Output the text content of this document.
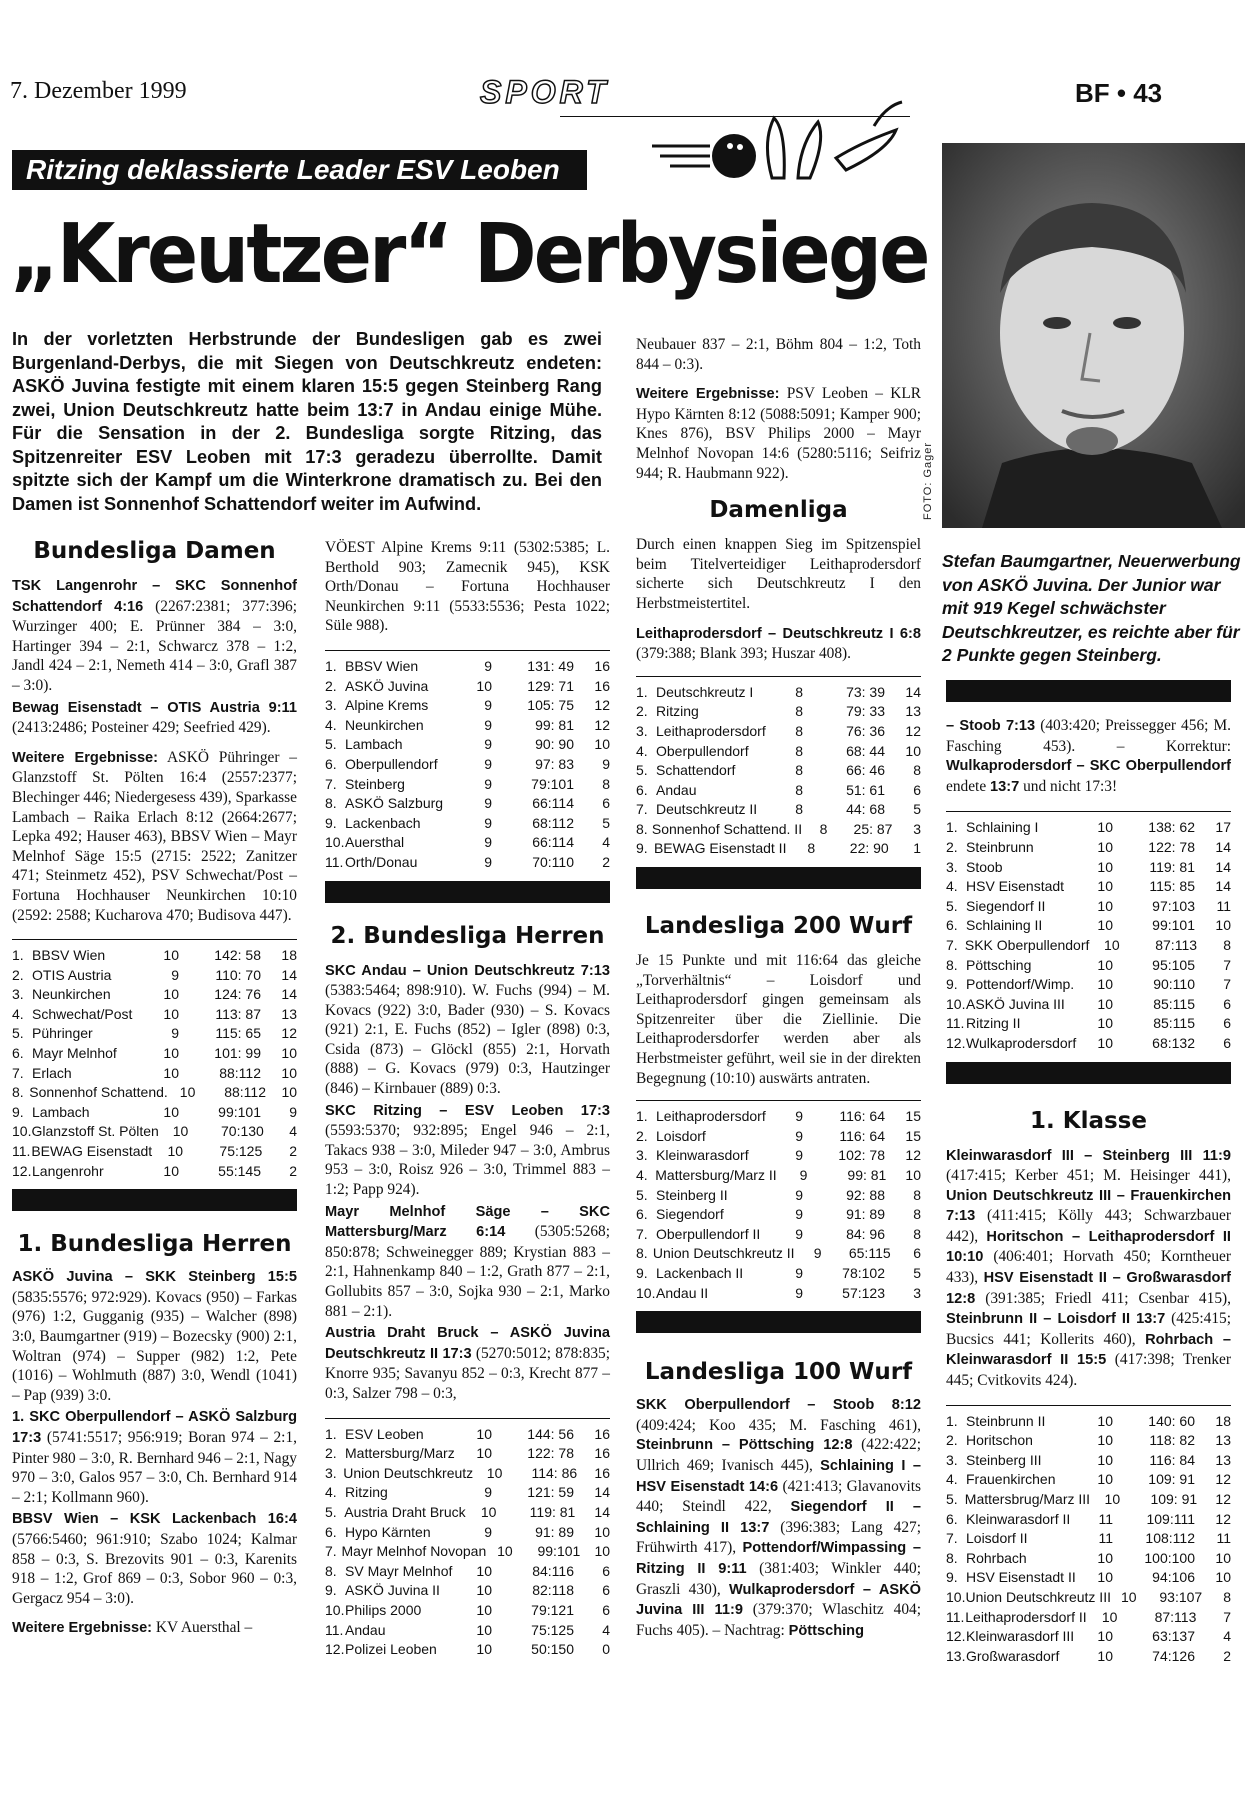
7. Dezember 1999	SPORT	BF • 43
Ritzing deklassierte Leader ESV Leoben
„Kreutzer“ Derbysiege
In der vorletzten Herbstrunde der Bundesligen gab es zwei Burgenland-Derbys, die mit Siegen von Deutschkreutz endeten: ASKÖ Juvina festigte mit einem klaren 15:5 gegen Steinberg Rang zwei, Union Deutschkreutz hatte beim 13:7 in Andau einige Mühe. Für die Sensation in der 2. Bundesliga sorgte Ritzing, das Spitzenreiter ESV Leoben mit 17:3 geradezu überrollte. Damit spitzte sich der Kampf um die Winterkrone dramatisch zu. Bei den Damen ist Sonnenhof Schattendorf weiter im Aufwind.	FOTO: Gager
Stefan Baumgartner, Neuerwerbung von ASKÖ Juvina. Der Junior war mit 919 Kegel schwächster Deutschkreutzer, es reichte aber für 2 Punkte gegen Steinberg.
Bundesliga Damen

TSK Langenrohr – SKC Sonnenhof Schattendorf 4:16 (2267:2381; 377:396; Wurzinger 400; E. Prünner 384 – 3:0, Hartinger 394 – 2:1, Schwarcz 378 – 1:2, Jandl 424 – 2:1, Nemeth 414 – 3:0, Grafl 387 – 3:0).

Bewag Eisenstadt – OTIS Austria 9:11 (2413:2486; Posteiner 429; Seefried 429).

Weitere Ergebnisse: ASKÖ Pühringer – Glanzstoff St. Pölten 16:4 (2557:2377; Blechinger 446; Niedergesess 439), Sparkasse Lambach – Raika Erlach 8:12 (2664:2677; Lepka 492; Hauser 463), BBSV Wien – Mayr Melnhof Säge 15:5 (2715: 2522; Zanitzer 471; Steinmetz 452), PSV Schwechat/Post – Fortuna Hochhauser Neunkirchen 10:10 (2592: 2588; Kucharova 470; Budisova 447).

1. BBSV Wien	10	142: 58	18
2. OTIS Austria	9	110: 70	14
3. Neunkirchen	10	124: 76	14
4. Schwechat/Post	10	113: 87	13
5. Pühringer	9	115: 65	12
6. Mayr Melnhof	10	101: 99	10
7. Erlach	10	88:112	10
8. Sonnenhof Schattend. 10	88:112	10
9. Lambach	10	99:101	9
10. Glanzstoff St. Pölten 10	70:130	4
11. BEWAG Eisenstadt	10	75:125	2
12. Langenrohr	10	55:145	2
1. Bundesliga Herren

ASKÖ Juvina – SKK Steinberg 15:5 (5835:5576; 972:929). Kovacs (950) – Farkas (976) 1:2, Gugganig (935) – Walcher (898) 3:0, Baumgartner (919) – Bozecsky (900) 2:1, Woltran (974) – Supper (982) 1:2, Pete (1016) – Wohlmuth (887) 3:0, Wendl (1041) – Pap (939) 3:0.

1. SKC Oberpullendorf – ASKÖ Salzburg 17:3 (5741:5517; 956:919; Boran 974 – 2:1, Pinter 980 – 3:0, R. Bernhard 946 – 2:1, Nagy 970 – 3:0, Galos 957 – 3:0, Ch. Bernhard 914 – 2:1; Kollmann 960).

BBSV Wien – KSK Lackenbach 16:4 (5766:5460; 961:910; Szabo 1024; Kalmar 858 – 0:3, S. Brezovits 901 – 0:3, Karenits 918 – 1:2, Grof 869 – 0:3, Sobor 960 – 0:3, Gergacz 954 – 3:0).

Weitere Ergebnisse: KV Auersthal –

VÖEST Alpine Krems 9:11 (5302:5385; L. Berthold 903; Zamecnik 945), KSK Orth/Donau – Fortuna Hochhauser Neunkirchen 9:11 (5533:5536; Pesta 1022; Süle 988).

1. BBSV Wien	9	131: 49	16
2. ASKÖ Juvina	10	129: 71	16
3. Alpine Krems	9	105: 75	12
4. Neunkirchen	9	99: 81	12
5. Lambach	9	90: 90	10
6. Oberpullendorf	9	97: 83	9
7. Steinberg	9	79:101	8
8. ASKÖ Salzburg	9	66:114	6
9. Lackenbach	9	68:112	5
10. Auersthal	9	66:114	4
11. Orth/Donau	9	70:110	2
2. Bundesliga Herren

SKC Andau – Union Deutschkreutz 7:13 (5383:5464; 898:910). W. Fuchs (994) – M. Kovacs (922) 3:0, Bader (930) – S. Kovacs (921) 2:1, E. Fuchs (852) – Igler (898) 0:3, Csida (873) – Glöckl (855) 2:1, Horvath (888) – G. Kovacs (979) 0:3, Hautzinger (846) – Kirnbauer (889) 0:3.

SKC Ritzing – ESV Leoben 17:3 (5593:5370; 932:895; Engel 946 – 2:1, Takacs 938 – 3:0, Mileder 947 – 3:0, Ambrus 953 – 3:0, Roisz 926 – 3:0, Trimmel 883 – 1:2; Papp 924).

Mayr Melnhof Säge – SKC Mattersburg/Marz 6:14 (5305:5268; 850:878; Schweinegger 889; Krystian 883 – 2:1, Hahnenkamp 840 – 1:2, Grath 877 – 2:1, Gollubits 857 – 3:0, Sojka 930 – 2:1, Marko 881 – 2:1).

Austria Draht Bruck – ASKÖ Juvina Deutschkreutz II 17:3 (5270:5012; 878:835; Knorre 935; Savanyu 852 – 0:3, Krecht 877 – 0:3, Salzer 798 – 0:3,

1. ESV Leoben	10	144: 56	16
2. Mattersburg/Marz	10	122: 78	16
3. Union Deutschkreutz 10	114: 86	16
4. Ritzing	9	121: 59	14
5. Austria Draht Bruck	10	119: 81	14
6. Hypo Kärnten	9	91: 89	10
7. Mayr Melnhof Novopan 10	99:101	10
8. SV Mayr Melnhof	10	84:116	6
9. ASKÖ Juvina II	10	82:118	6
10. Philips 2000	10	79:121	6
11. Andau	10	75:125	4
12. Polizei Leoben	10	50:150	0

Neubauer 837 – 2:1, Böhm 804 – 1:2, Toth 844 – 0:3).

Weitere Ergebnisse: PSV Leoben – KLR Hypo Kärnten 8:12 (5088:5091; Kamper 900; Knes 876), BSV Philips 2000 – Mayr Melnhof Novopan 14:6 (5280:5116; Seifriz 944; R. Haubmann 922).

Damenliga

Durch einen knappen Sieg im Spitzenspiel beim Titelverteidiger Leithaprodersdorf sicherte sich Deutschkreutz I den Herbstmeistertitel.

Leithaprodersdorf – Deutschkreutz I 6:8 (379:388; Blank 393; Huszar 408).

1. Deutschkreutz I	8	73: 39	14
2. Ritzing	8	79: 33	13
3. Leithaprodersdorf	8	76: 36	12
4. Oberpullendorf	8	68: 44	10
5. Schattendorf	8	66: 46	8
6. Andau	8	51: 61	6
7. Deutschkreutz II	8	44: 68	5
8. Sonnenhof Schattend. II	8	25: 87	3
9. BEWAG Eisenstadt II	8	22: 90	1
Landesliga 200 Wurf

Je 15 Punkte und mit 116:64 das gleiche „Torverhältnis“ – Loisdorf und Leithaprodersdorf gingen gemeinsam als Spitzenreiter über die Ziellinie. Die Leithaprodersdorfer werden aber als Herbstmeister geführt, weil sie in der direkten Begegnung (10:10) auswärts antraten.

1. Leithaprodersdorf	9	116: 64	15
2. Loisdorf	9	116: 64	15
3. Kleinwarasdorf	9	102: 78	12
4. Mattersburg/Marz II	9	99: 81	10
5. Steinberg II	9	92: 88	8
6. Siegendorf	9	91: 89	8
7. Oberpullendorf II	9	84: 96	8
8. Union Deutschkreutz II	9	65:115	6
9. Lackenbach II	9	78:102	5
10. Andau II	9	57:123	3
Landesliga 100 Wurf

SKK Oberpullendorf – Stoob 8:12 (409:424; Koo 435; M. Fasching 461), Steinbrunn – Pöttsching 12:8 (422:422; Ullrich 469; Ivanisch 445), Schlaining I – HSV Eisenstadt 14:6 (421:413; Glavanovits 440; Steindl 422, Siegendorf II – Schlaining II 13:7 (396:383; Lang 427; Frühwirth 417), Pottendorf/Wimpassing – Ritzing II 9:11 (381:403; Winkler 440; Graszli 430), Wulkaprodersdorf – ASKÖ Juvina III 11:9 (379:370; Wlaschitz 404; Fuchs 405). – Nachtrag: Pöttsching

– Stoob 7:13 (403:420; Preissegger 456; M. Fasching 453). – Korrektur: Wulkaprodersdorf – SKC Oberpullendorf endete 13:7 und nicht 17:3!

1. Schlaining I	10	138: 62	17
2. Steinbrunn	10	122: 78	14
3. Stoob	10	119: 81	14
4. HSV Eisenstadt	10	115: 85	14
5. Siegendorf II	10	97:103	11
6. Schlaining II	10	99:101	10
7. SKK Oberpullendorf	10	87:113	8
8. Pöttsching	10	95:105	7
9. Pottendorf/Wimp.	10	90:110	7
10. ASKÖ Juvina III	10	85:115	6
11. Ritzing II	10	85:115	6
12. Wulkaprodersdorf	10	68:132	6
1. Klasse

Kleinwarasdorf III – Steinberg III 11:9 (417:415; Kerber 451; M. Heisinger 441), Union Deutschkreutz III – Frauenkirchen 7:13 (411:415; Kölly 443; Schwarzbauer 442), Horitschon – Leithaprodersdorf II 10:10 (406:401; Horvath 450; Korntheuer 433), HSV Eisenstadt II – Großwarasdorf 12:8 (391:385; Friedl 411; Csenbar 415), Steinbrunn II – Loisdorf II 13:7 (425:415; Bucsics 441; Kollerits 460), Rohrbach – Kleinwarasdorf II 15:5 (417:398; Trenker 445; Cvitkovits 424).

1. Steinbrunn II	10	140: 60	18
2. Horitschon	10	118: 82	13
3. Steinberg III	10	116: 84	13
4. Frauenkirchen	10	109: 91	12
5. Mattersbrug/Marz III	10	109: 91	12
6. Kleinwarasdorf II	11	109:111	12
7. Loisdorf II	11	108:112	11
8. Rohrbach	10	100:100	10
9. HSV Eisenstadt II	10	94:106	10
10. Union Deutschkreutz III 10	93:107	8
11. Leithaprodersdorf II	10	87:113	7
12. Kleinwarasdorf III	10	63:137	4
13. Großwarasdorf	10	74:126	2
